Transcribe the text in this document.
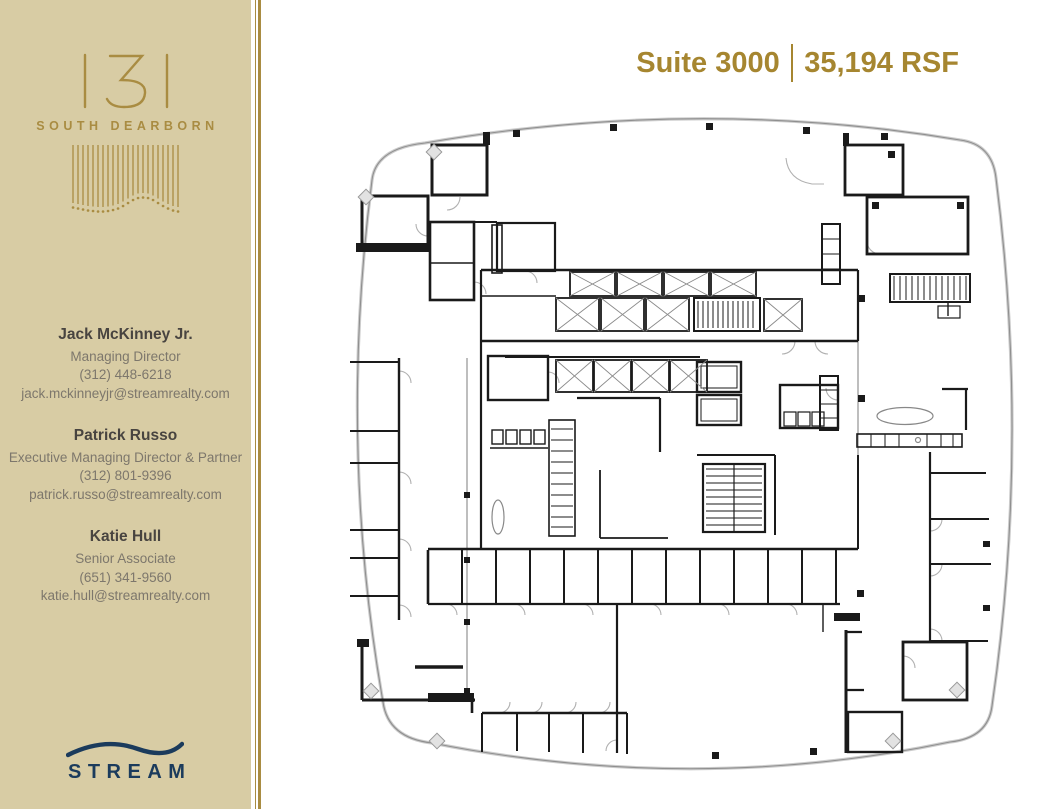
SOUTH DEARBORN
Jack McKinney Jr.
Managing Director
(312) 448-6218
jack.mckinneyjr@streamrealty.com
Patrick Russo
Executive Managing Director & Partner
(312) 801-9396
patrick.russo@streamrealty.com
Katie Hull
Senior Associate
(651) 341-9560
katie.hull@streamrealty.com
STREAM
Suite 3000 35,194 RSF
